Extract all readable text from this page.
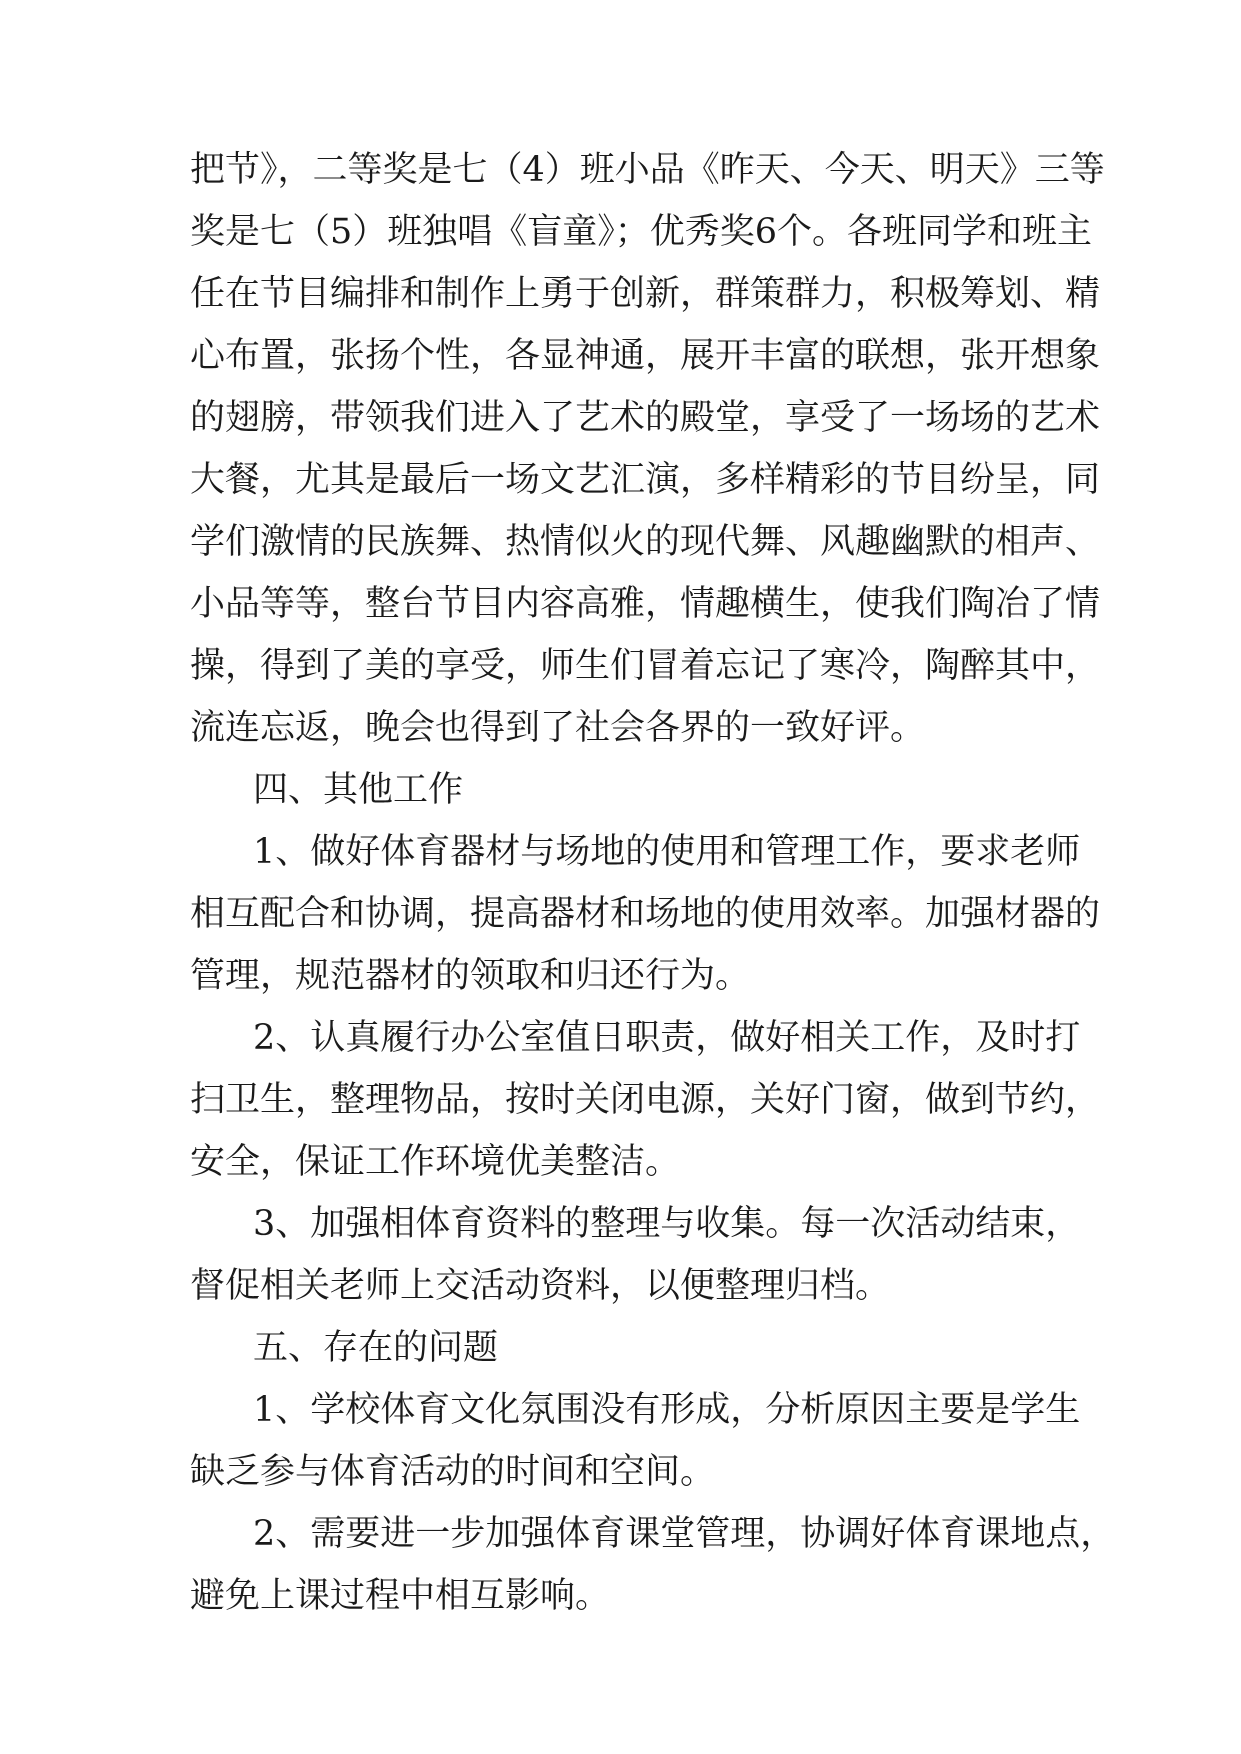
把节》，二等奖是七（4）班小品《昨天、今天、明天》三等
奖是七（5）班独唱《盲童》；优秀奖6个。各班同学和班主
任在节目编排和制作上勇于创新，群策群力，积极筹划、精
心布置，张扬个性，各显神通，展开丰富的联想，张开想象
的翅膀，带领我们进入了艺术的殿堂，享受了一场场的艺术
大餐，尤其是最后一场文艺汇演，多样精彩的节目纷呈，同
学们激情的民族舞、热情似火的现代舞、风趣幽默的相声、
小品等等，整台节目内容高雅，情趣横生，使我们陶冶了情
操，得到了美的享受，师生们冒着忘记了寒冷，陶醉其中，
流连忘返，晚会也得到了社会各界的一致好评。
四、其他工作
1、做好体育器材与场地的使用和管理工作，要求老师
相互配合和协调，提高器材和场地的使用效率。加强材器的
管理，规范器材的领取和归还行为。
2、认真履行办公室值日职责，做好相关工作，及时打
扫卫生，整理物品，按时关闭电源，关好门窗，做到节约，
安全，保证工作环境优美整洁。
3、加强相体育资料的整理与收集。每一次活动结束，
督促相关老师上交活动资料，以便整理归档。
五、存在的问题
1、学校体育文化氛围没有形成，分析原因主要是学生
缺乏参与体育活动的时间和空间。
2、需要进一步加强体育课堂管理，协调好体育课地点，
避免上课过程中相互影响。
